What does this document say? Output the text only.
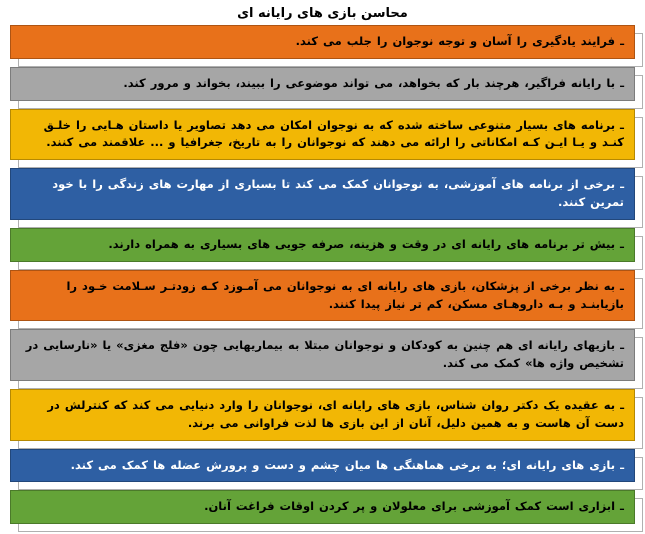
محاسن بازی های رایانه ای
ـ فرایند یادگیری را آسان و توجه نوجوان را جلب می کند.
ـ با رایانه فراگیر، هرچند بار که بخواهد، می تواند موضوعی را ببیند، بخواند و مرور کند.
ـ برنامه های بسیار متنوعی ساخته شده که به نوجوان امکان می دهد تصاویر یا داستان هـایی را خلـق کنـد و یـا ایـن کـه امکاناتی را ارائه می دهند که نوجوانان را به تاریخ، جغرافیا و ... علاقمند می کنند.
ـ برخی از برنامه های آموزشی، به نوجوانان کمک می کند تا بسیاری از مهارت های زندگی را با خود تمرین کنند.
ـ بیش تر برنامه های رایانه ای در وقت و هزینه، صرفه جویی های بسیاری به همراه دارند.
ـ به نظر برخی از پزشکان، بازی های رایانه ای به نوجوانان می آمـوزد کـه زودتـر سـلامت خـود را بازیابنـد و بـه داروهـای مسکن، کم تر نیاز پیدا کنند.
ـ بازیهای رایانه ای هم چنین به کودکان و نوجوانان مبتلا به بیماریهایی چون «فلج مغزی» یا «نارسایی در تشخیص واژه ها» کمک می کند.
ـ به عقیده یک دکتر روان شناس، بازی های رایانه ای، نوجوانان را وارد دنیایی می کند که کنترلش در دست آن هاست و به همین دلیل، آنان از این بازی ها لذت فراوانی می برند.
ـ بازی های رایانه ای؛ به برخی هماهنگی ها میان چشم و دست و پرورش عضله ها کمک می کند.
ـ ابزاری است کمک آموزشی برای معلولان و پر کردن اوقات فراغت آنان.
